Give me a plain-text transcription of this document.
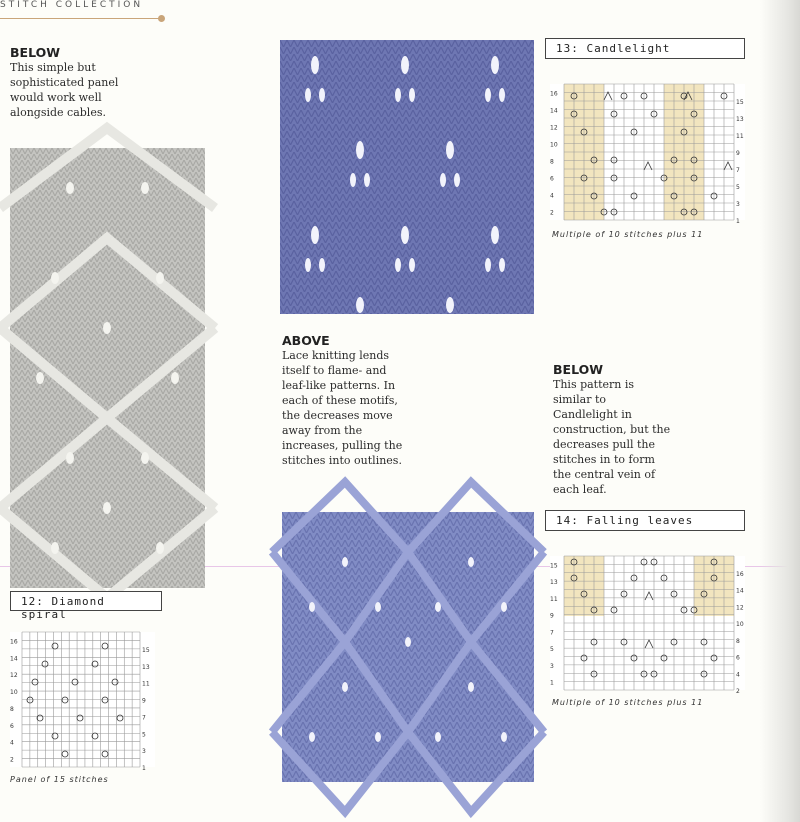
STITCH COLLECTION
BELOW

This simple but

sophisticated panel

would work well

alongside cables.

12: Diamond spiral
16
14
12
10
8
6
4
2
15
13
11
9
7
5
3
1
Panel of 15 stitches
ABOVE

Lace knitting lends

itself to flame- and

leaf-like patterns. In

each of these motifs,

the decreases move

away from the

increases, pulling the

stitches into outlines.

13: Candlelight
16
14
12
10
8
6
4
2
15
13
11
9
7
5
3
1
Multiple of 10 stitches plus 11
BELOW

This pattern is

similar to

Candlelight in

construction, but the

decreases pull the

stitches in to form

the central vein of

each leaf.

14: Falling leaves
15
13
11
9
7
5
3
1
16
14
12
10
8
6
4
2
Multiple of 10 stitches plus 11
